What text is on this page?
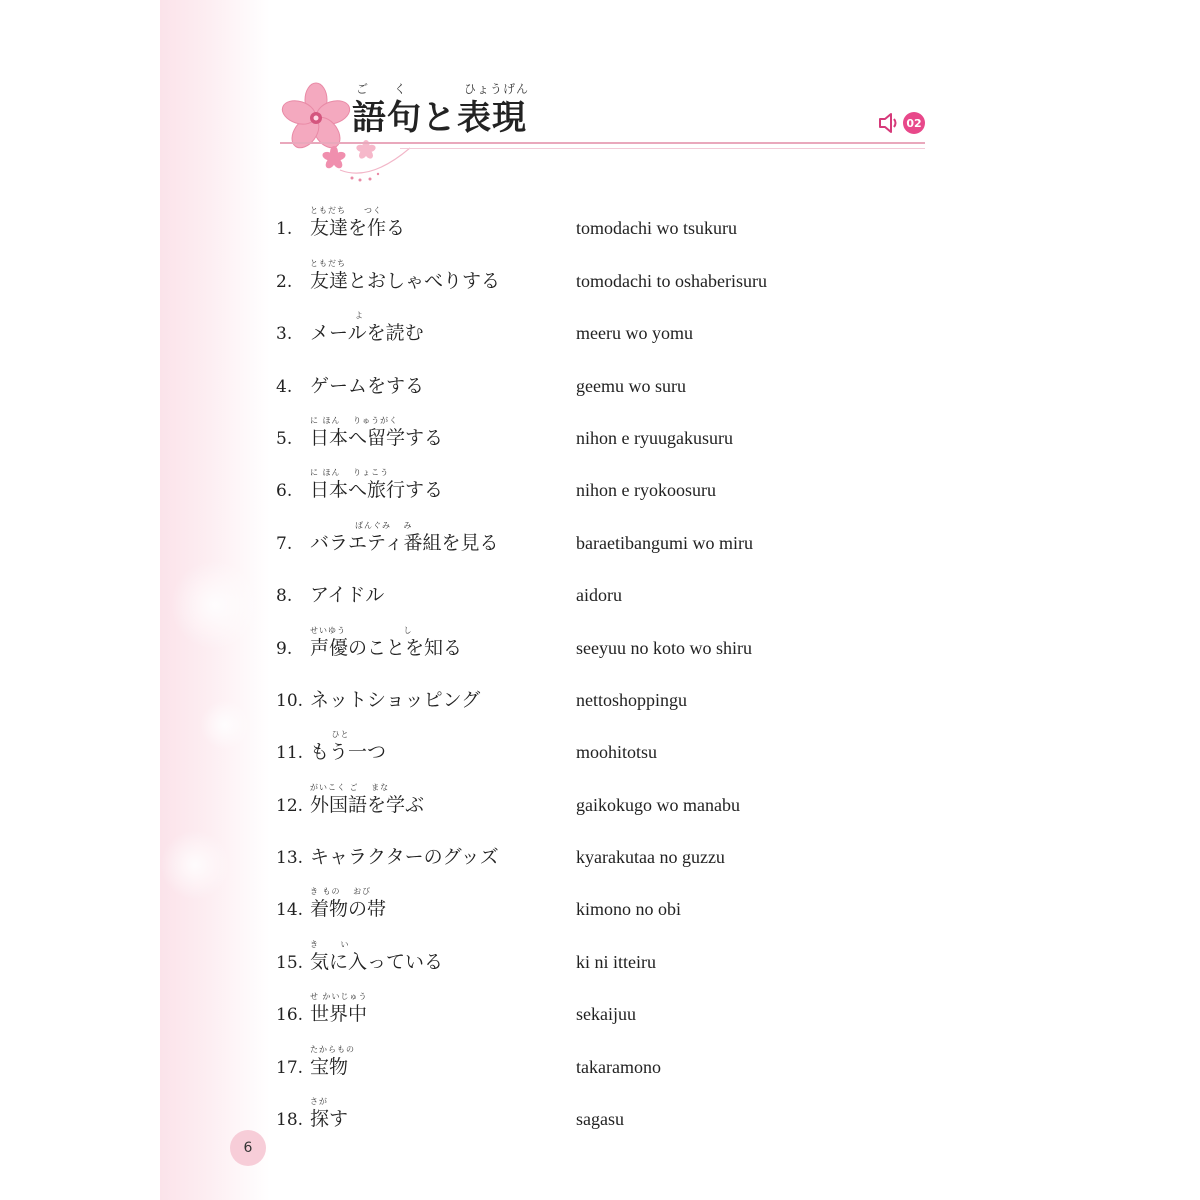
ご く	ひょうげん
語句と表現	02
ともだち　　つく
1. 友達を作る	tomodachi wo tsukuru
ともだち
2. 友達とおしゃべりする	tomodachi to oshaberisuru
　　　　　よ
3. メールを読む	meeru wo yomu
4. ゲームをする	geemu wo suru
に ほん　 りゅうがく
5. 日本へ留学する	nihon e ryuugakusuru
に ほん　 りょこう
6. 日本へ旅行する	nihon e ryokoosuru
　　　　　ばんぐみ　 み
7. バラエティ番組を見る	baraetibangumi wo miru
8. アイドル	aidoru
せいゆう　　　　　　 し
9. 声優のことを知る	seeyuu no koto wo shiru
10. ネットショッピング	nettoshoppingu
　　 ひと
11. もう一つ	moohitotsu
がいこく ご　 まな
12. 外国語を学ぶ	gaikokugo wo manabu
13. キャラクターのグッズ	kyarakutaa no guzzu
き もの　 おび
14. 着物の帯	kimono no obi
き　　 い
15. 気に入っている	ki ni itteiru
せ かいじゅう
16. 世界中	sekaijuu
たからもの
17. 宝物	takaramono
さが
18. 探す	sagasu
6
